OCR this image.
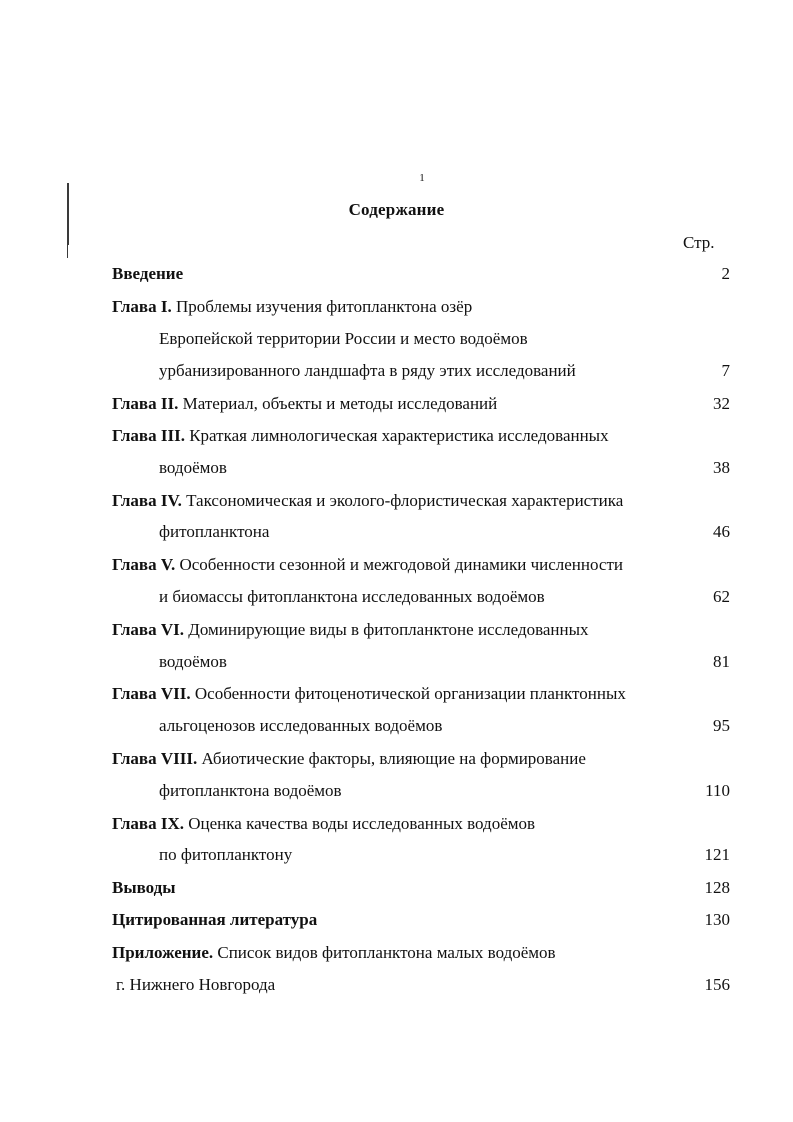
1
Содержание
Стр.
Введение	2
Глава I. Проблемы изучения фитопланктона озёр
Европейской территории России и место водоёмов
урбанизированного ландшафта в ряду этих исследований	7
Глава II. Материал, объекты и методы исследований	32
Глава III. Краткая лимнологическая характеристика исследованных
водоёмов	38
Глава IV. Таксономическая и эколого-флористическая характеристика
фитопланктона	46
Глава V. Особенности сезонной и межгодовой динамики численности
и биомассы фитопланктона исследованных водоёмов	62
Глава VI. Доминирующие виды в фитопланктоне исследованных
водоёмов	81
Глава VII. Особенности фитоценотической организации планктонных
альгоценозов исследованных водоёмов	95
Глава VIII. Абиотические факторы, влияющие на формирование
фитопланктона водоёмов	110
Глава IX. Оценка качества воды исследованных водоёмов
по фитопланктону	121
Выводы	128
Цитированная литература	130
Приложение. Список видов фитопланктона малых водоёмов
г. Нижнего Новгорода	156
